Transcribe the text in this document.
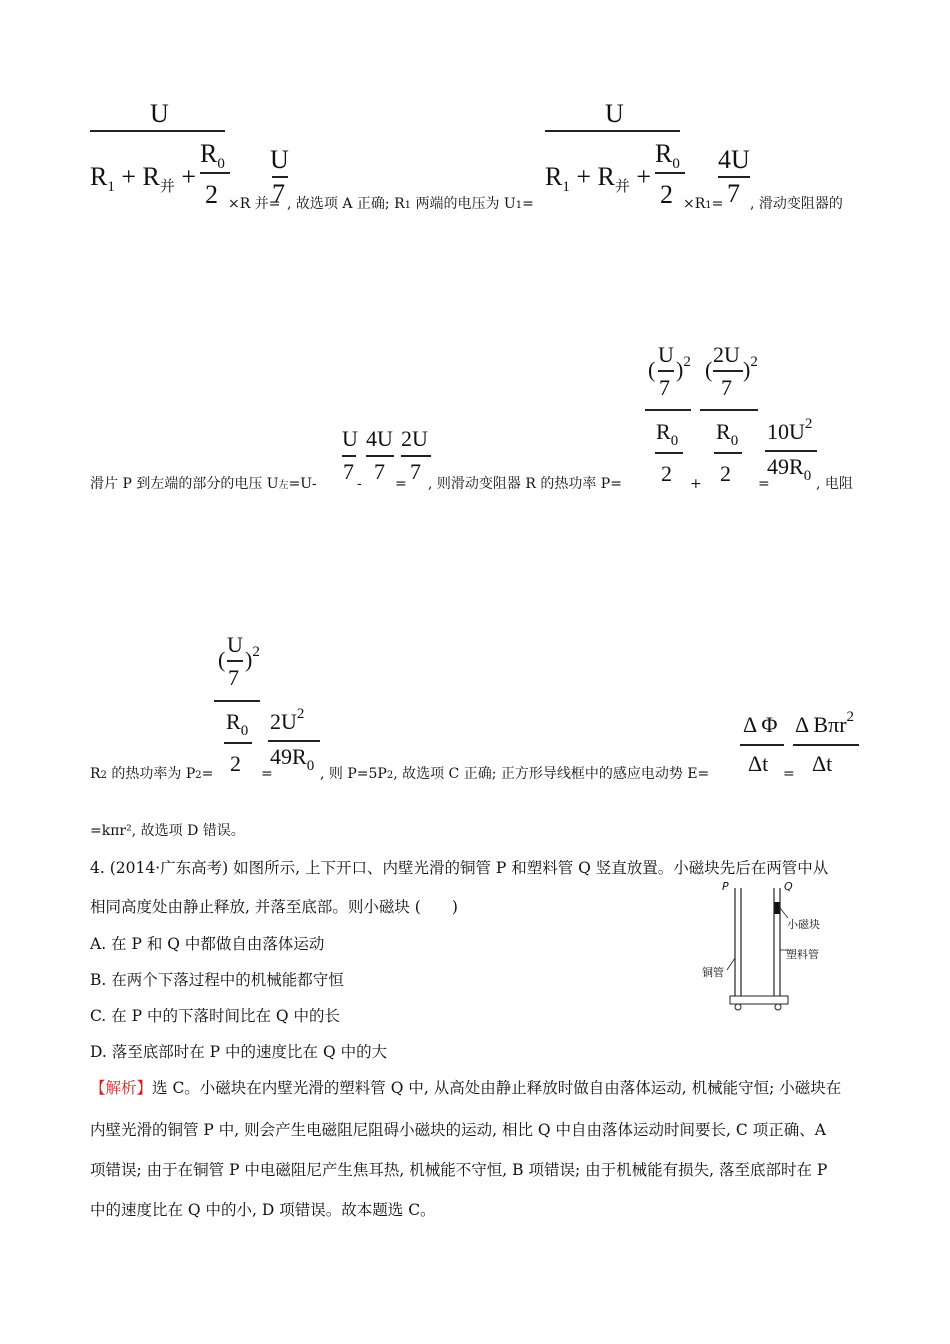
U
$R_1 + R_并$ +
$R_0$
2 ×R 并=
U
7 , 故选项 A 正确; R1 两端的电压为 U1=
U
$R_1 + R_并$ +
$R_0$
2 ×R1=
4U
7 , 滑动变阻器的
滑片 P 到左端的部分的电压 U左=U-
U
7 -
4U
7 =
2U
7 , 则滑动变阻器 R 的热功率 P=
(
U
7
)$^2$
$R_0$
2 +
(
2U
7
)$^2$
$R_0$
2 =
$10U^2$
$49R_0$ , 电阻
R2 的热功率为 P2=
(
U
7
)$^2$
$R_0$
2 =
$2U^2$
$49R_0$ , 则 P=5P2, 故选项 C 正确; 正方形导线框中的感应电动势 E=
Δ Φ
Δt =
Δ Bπr$^2$
Δt
=kπr², 故选项 D 错误。
4. (2014·广东高考) 如图所示, 上下开口、内壁光滑的铜管 P 和塑料管 Q 竖直放置。小磁块先后在两管中从
相同高度处由静止释放, 并落至底部。则小磁块 (　　)
A. 在 P 和 Q 中都做自由落体运动
B. 在两个下落过程中的机械能都守恒
C. 在 P 中的下落时间比在 Q 中的长
D. 落至底部时在 P 中的速度比在 Q 中的大
P	Q
小磁块
塑料管
铜管
【解析】选 C。小磁块在内壁光滑的塑料管 Q 中, 从高处由静止释放时做自由落体运动, 机械能守恒; 小磁块在
内壁光滑的铜管 P 中, 则会产生电磁阻尼阻碍小磁块的运动, 相比 Q 中自由落体运动时间要长, C 项正确、A
项错误; 由于在铜管 P 中电磁阻尼产生焦耳热, 机械能不守恒, B 项错误; 由于机械能有损失, 落至底部时在 P
中的速度比在 Q 中的小, D 项错误。故本题选 C。
